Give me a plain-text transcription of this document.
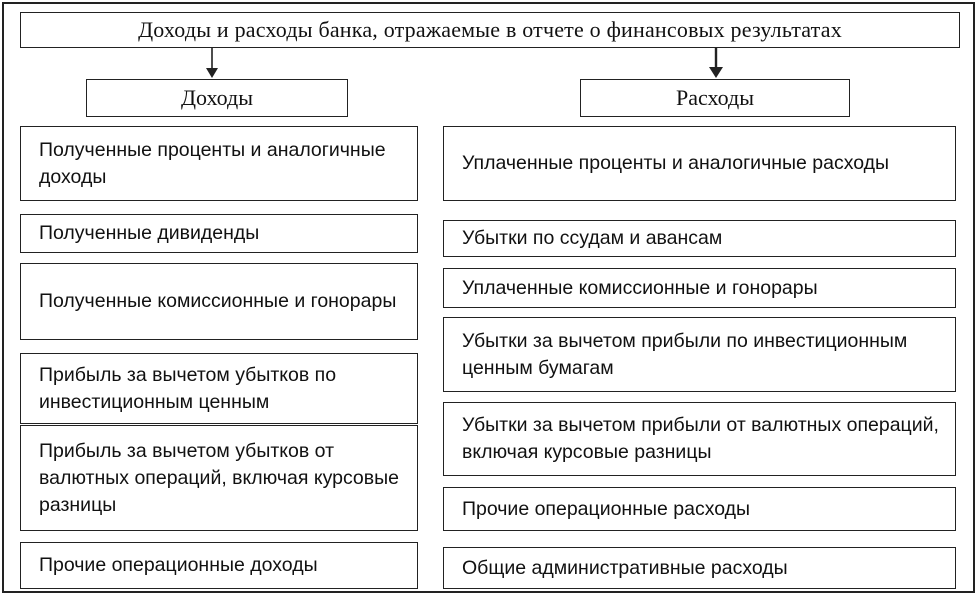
Доходы и расходы банка, отражаемые в отчете о финансовых результатах
Доходы	Расходы
Полученные проценты и аналогичные доходы
Полученные дивиденды
Полученные комиссионные и гонорары
Прибыль за вычетом убытков по инвестиционным ценным
Прибыль за вычетом убытков от валютных операций, включая курсовые разницы
Прочие операционные доходы
Уплаченные проценты и аналогичные расходы
Убытки по ссудам и авансам
Уплаченные комиссионные и гонорары
Убытки за вычетом прибыли по инвестиционным ценным бумагам
Убытки за вычетом прибыли от валютных операций, включая курсовые разницы
Прочие операционные расходы
Общие административные расходы
